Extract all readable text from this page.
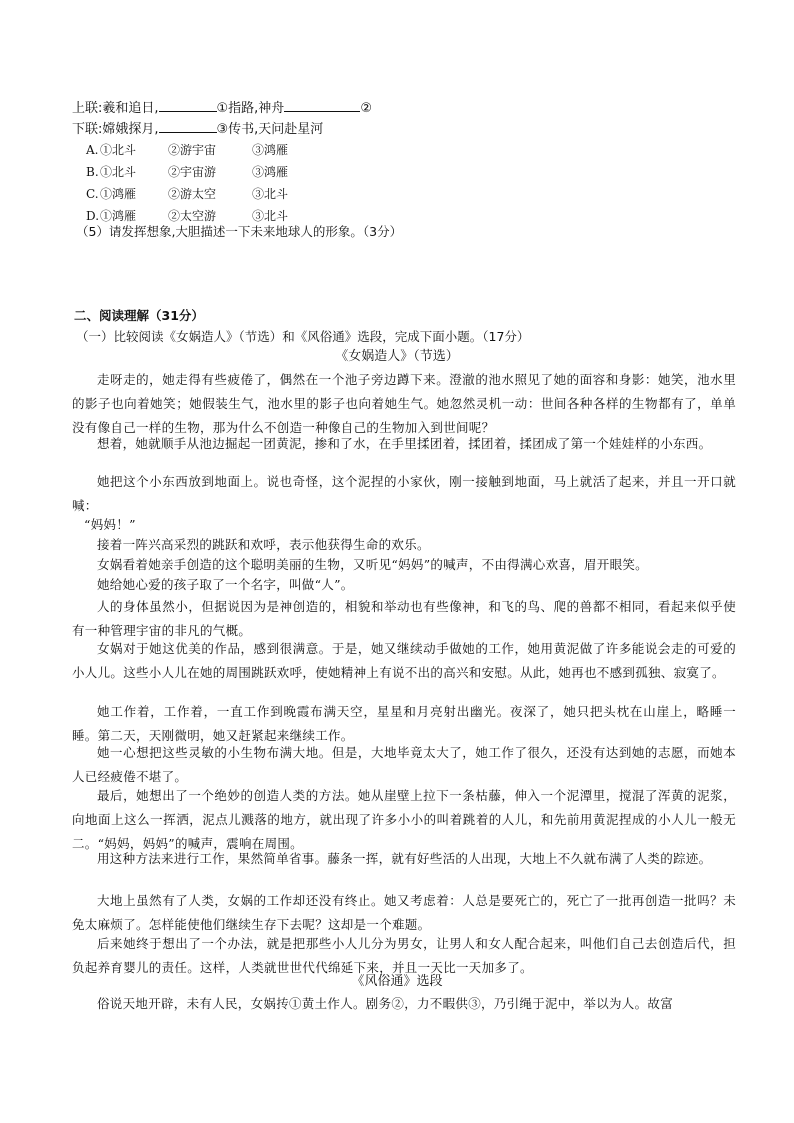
上联:羲和追日,	①指路,神舟	②
下联:嫦娥探月,	③传书,天问赴星河
A. ①北斗	②游宇宙	③鸿雁
B.①北斗	②宇宙游	③鸿雁
C.①鸿雁	②游太空	③北斗
D.①鸿雁	②太空游	③北斗
（5）请发挥想象,大胆描述一下未来地球人的形象。（3分）
二、阅读理解（31分）
（一）比较阅读《女娲造人》（节选）和《风俗通》选段，完成下面小题。（17分）
《女娲造人》（节选）
走呀走的，她走得有些疲倦了，偶然在一个池子旁边蹲下来。澄澈的池水照见了她的面容和身影：她笑，池水里的影子也向着她笑；她假装生气，池水里的影子也向着她生气。她忽然灵机一动：世间各种各样的生物都有了，单单没有像自己一样的生物，那为什么不创造一种像自己的生物加入到世间呢？
想着，她就顺手从池边掘起一团黄泥，掺和了水，在手里揉团着，揉团着，揉团成了第一个娃娃样的小东西。
她把这个小东西放到地面上。说也奇怪，这个泥捏的小家伙，刚一接触到地面，马上就活了起来，并且一开口就喊：
“妈妈！”
接着一阵兴高采烈的跳跃和欢呼，表示他获得生命的欢乐。
女娲看着她亲手创造的这个聪明美丽的生物，又听见“妈妈”的喊声，不由得满心欢喜，眉开眼笑。
她给她心爱的孩子取了一个名字，叫做“人”。
人的身体虽然小，但据说因为是神创造的，相貌和举动也有些像神，和飞的鸟、爬的兽都不相同，看起来似乎使有一种管理宇宙的非凡的气概。
女娲对于她这优美的作品，感到很满意。于是，她又继续动手做她的工作，她用黄泥做了许多能说会走的可爱的小人儿。这些小人儿在她的周围跳跃欢呼，使她精神上有说不出的高兴和安慰。从此，她再也不感到孤独、寂寞了。
她工作着，工作着，一直工作到晚霞布满天空，星星和月亮射出幽光。夜深了，她只把头枕在山崖上，略睡一睡。第二天，天刚微明，她又赶紧起来继续工作。
她一心想把这些灵敏的小生物布满大地。但是，大地毕竟太大了，她工作了很久，还没有达到她的志愿，而她本人已经疲倦不堪了。
最后，她想出了一个绝妙的创造人类的方法。她从崖壁上拉下一条枯藤，伸入一个泥潭里，搅混了浑黄的泥浆，向地面上这么一挥洒，泥点儿溅落的地方，就出现了许多小小的叫着跳着的人儿，和先前用黄泥捏成的小人儿一般无二。“妈妈，妈妈”的喊声，震响在周围。
用这种方法来进行工作，果然简单省事。藤条一挥，就有好些活的人出现，大地上不久就布满了人类的踪迹。
大地上虽然有了人类，女娲的工作却还没有终止。她又考虑着：人总是要死亡的，死亡了一批再创造一批吗？未免太麻烦了。怎样能使他们继续生存下去呢？这却是一个难题。
后来她终于想出了一个办法，就是把那些小人儿分为男女，让男人和女人配合起来，叫他们自己去创造后代，担负起养育婴儿的责任。这样，人类就世世代代绵延下来，并且一天比一天加多了。
《风俗通》选段
俗说天地开辟，未有人民，女娲抟①黄土作人。剧务②，力不暇供③，乃引绳于泥中，举以为人。故富
